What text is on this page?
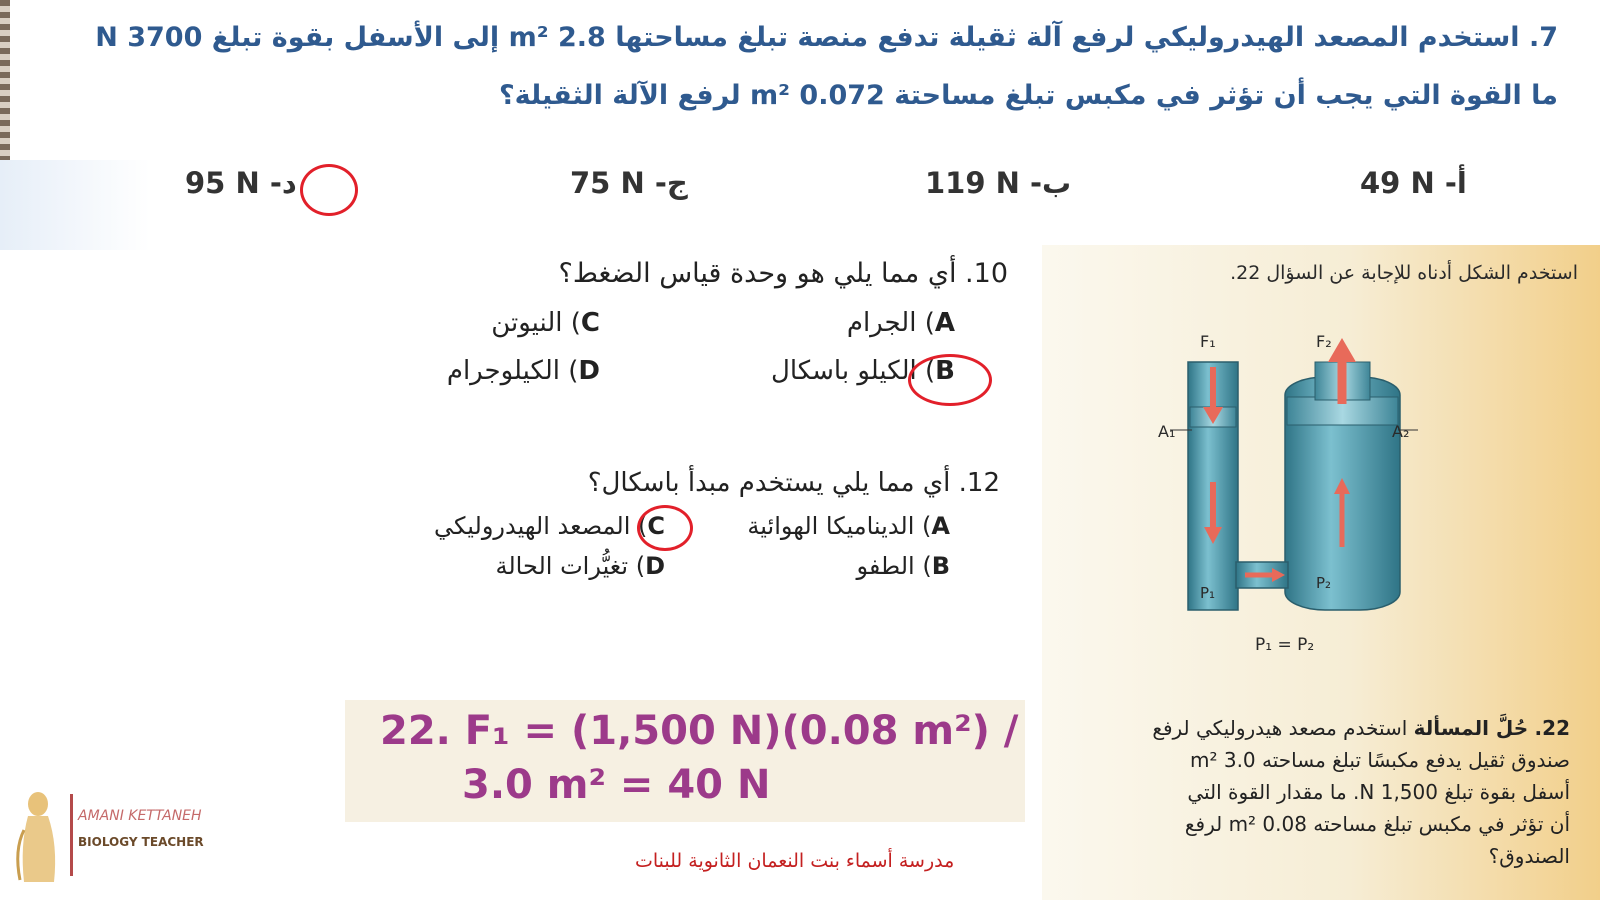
7. استخدم المصعد الهيدروليكي لرفع آلة ثقيلة تدفع منصة تبلغ مساحتها 2.8 m² إلى الأسفل بقوة تبلغ 3700 N
ما القوة التي يجب أن تؤثر في مكبس تبلغ مساحتة 0.072 m² لرفع الآلة الثقيلة؟
49 N أ-
119 N ب-
75 N ج-
95 N د-
10. أي مما يلي هو وحدة قياس الضغط؟
A) الجرام
C) النيوتن
B) الكيلو باسكال
D) الكيلوجرام
12. أي مما يلي يستخدم مبدأ باسكال؟
A) الديناميكا الهوائية
C) المصعد الهيدروليكي
B) الطفو
D) تغيُّرات الحالة
استخدم الشكل أدناه للإجابة عن السؤال 22.
F₁	F₂
A₁	A₂
P₁
P₂
P₁ = P₂
22. حُلَّ المسألة استخدم مصعد هيدروليكي لرفع
صندوق ثقيل يدفع مكبسًا تبلغ مساحته 3.0 m²
أسفل بقوة تبلغ 1,500 N. ما مقدار القوة التي
أن تؤثر في مكبس تبلغ مساحته 0.08 m² لرفع
الصندوق؟
22. F₁ = (1,500 N)(0.08 m²) /
3.0 m² = 40 N
AMANI KETTANEH
BIOLOGY TEACHER
مدرسة أسماء بنت النعمان الثانوية للبنات
